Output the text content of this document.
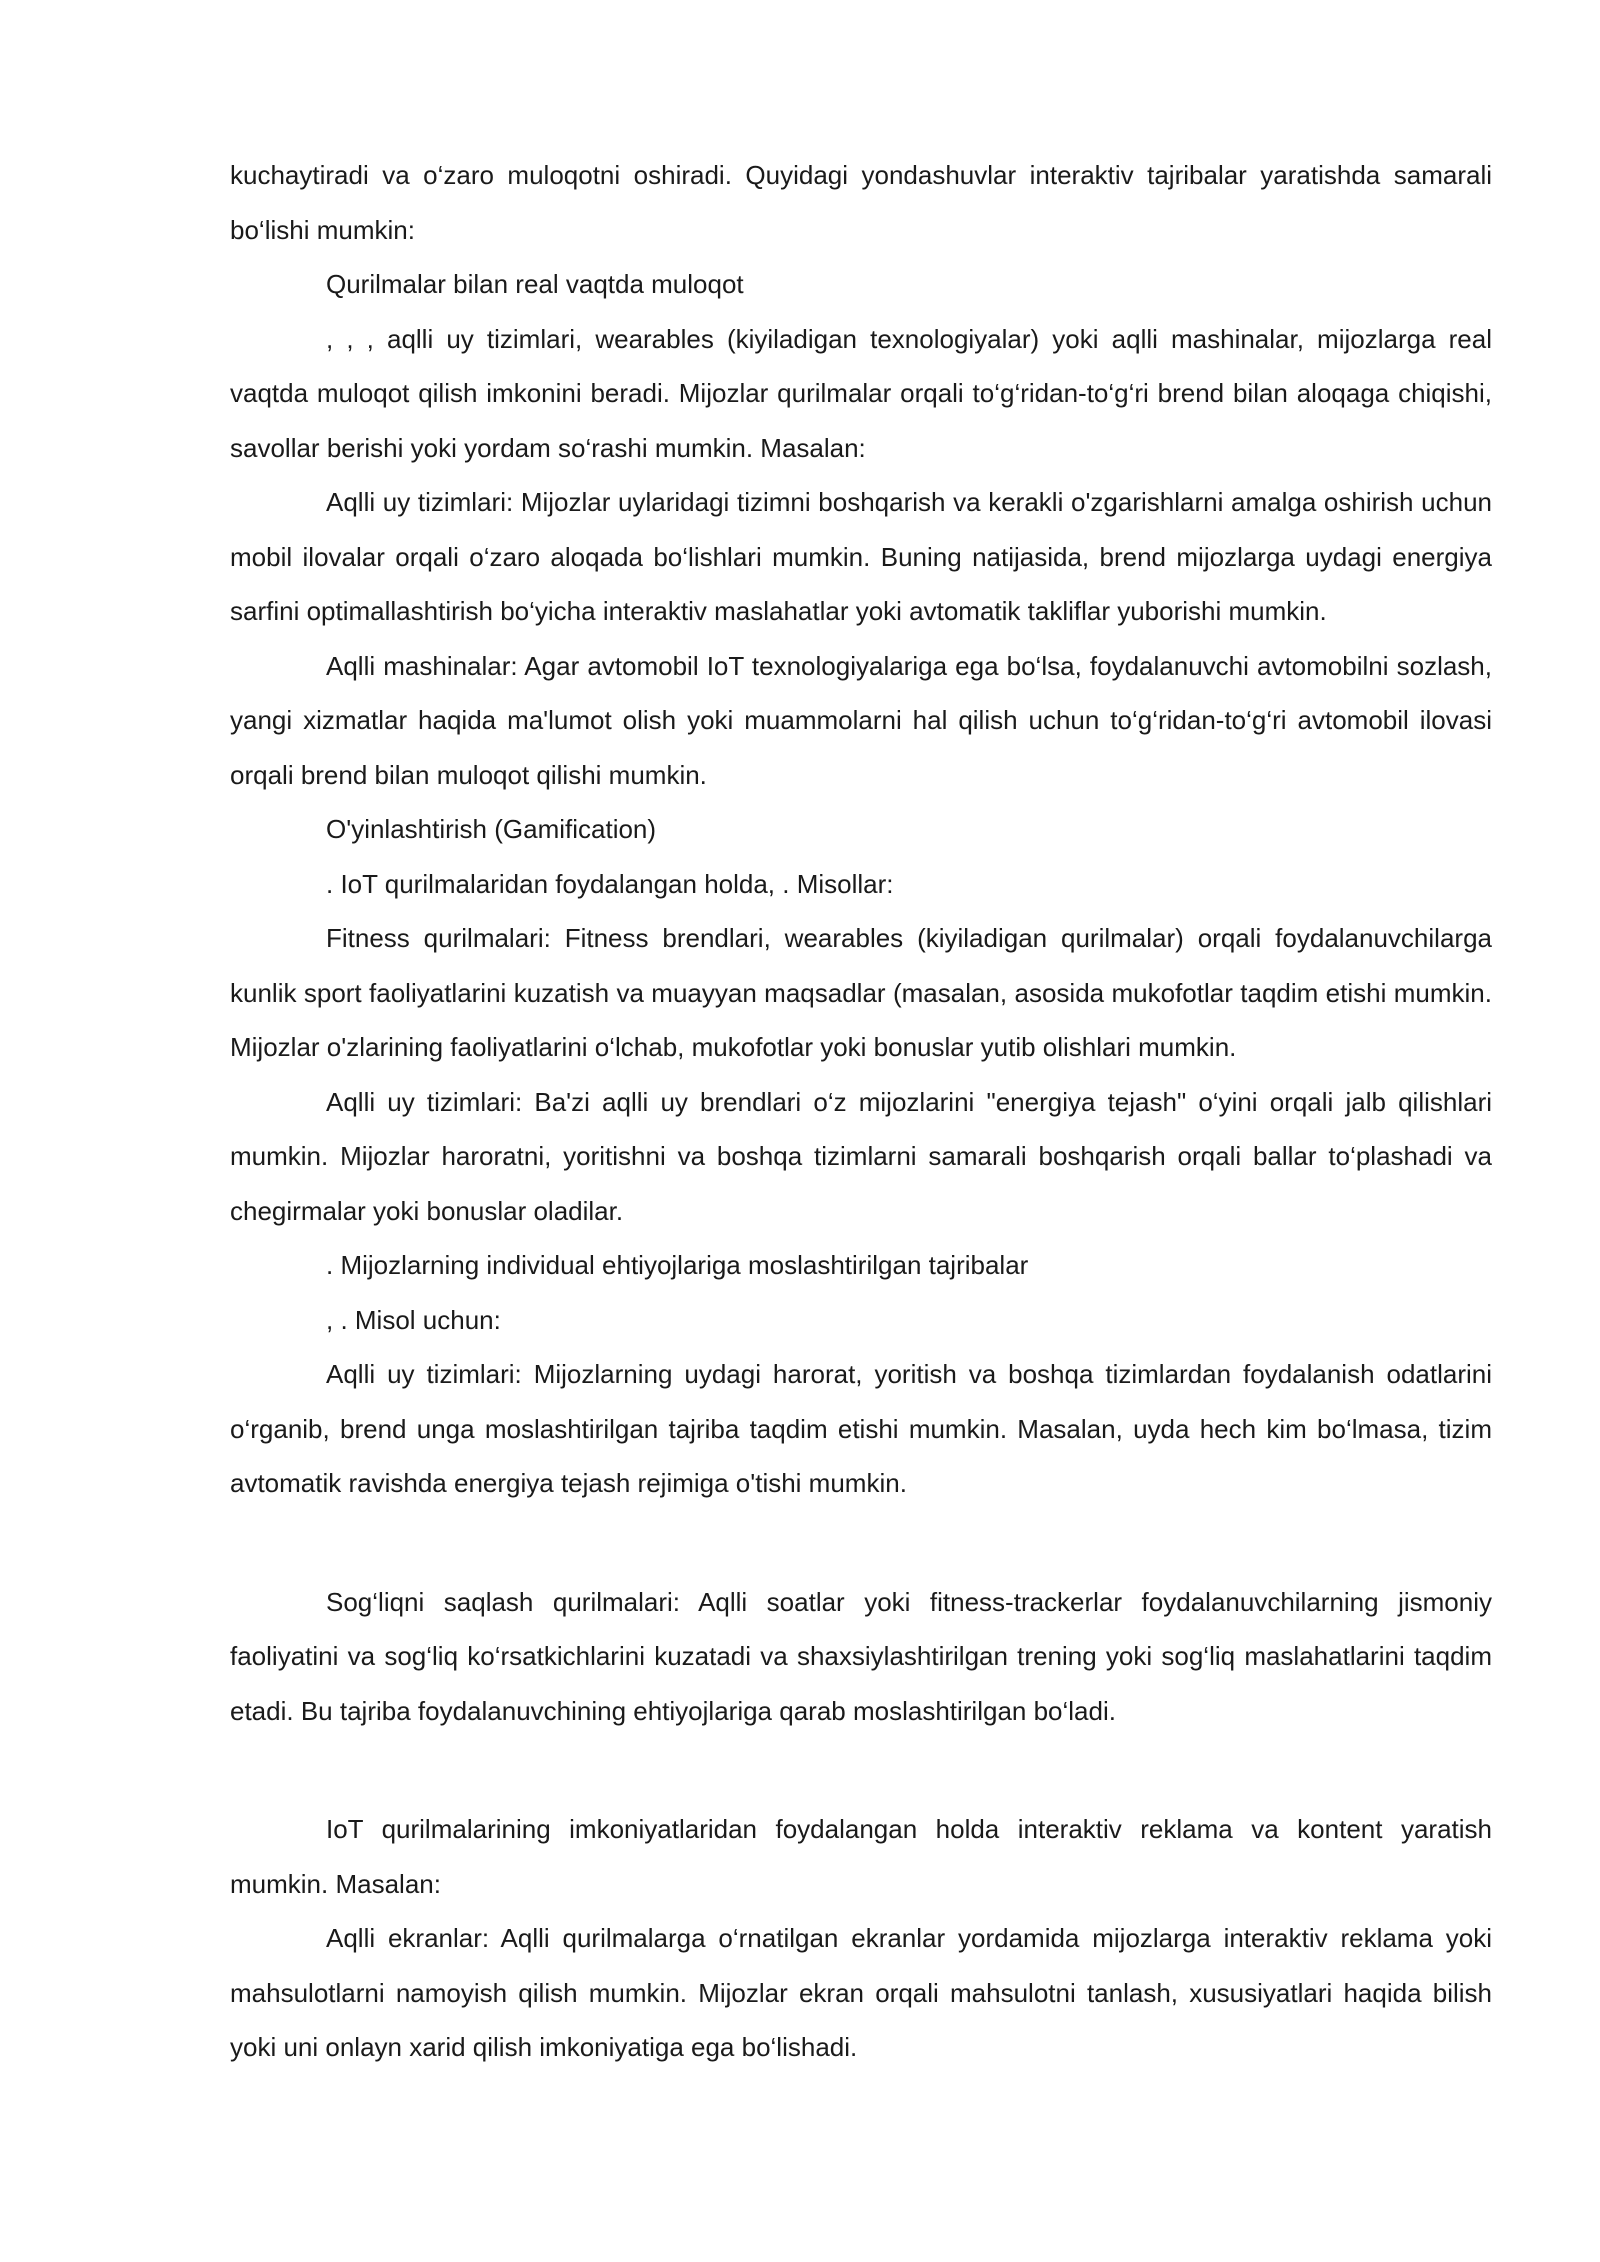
kuchaytiradi va o‘zaro muloqotni oshiradi. Quyidagi yondashuvlar interaktiv tajribalar yaratishda samarali bo‘lishi mumkin:

Qurilmalar bilan real vaqtda muloqot

, , , aqlli uy tizimlari, wearables (kiyiladigan texnologiyalar) yoki aqlli mashinalar, mijozlarga real vaqtda muloqot qilish imkonini beradi. Mijozlar qurilmalar orqali to‘g‘ridan-to‘g‘ri brend bilan aloqaga chiqishi, savollar berishi yoki yordam so‘rashi mumkin. Masalan:

Aqlli uy tizimlari: Mijozlar uylaridagi tizimni boshqarish va kerakli o'zgarishlarni amalga oshirish uchun mobil ilovalar orqali o‘zaro aloqada bo‘lishlari mumkin. Buning natijasida, brend mijozlarga uydagi energiya sarfini optimallashtirish bo‘yicha interaktiv maslahatlar yoki avtomatik takliflar yuborishi mumkin.

Aqlli mashinalar: Agar avtomobil IoT texnologiyalariga ega bo‘lsa, foydalanuvchi avtomobilni sozlash, yangi xizmatlar haqida ma'lumot olish yoki muammolarni hal qilish uchun to‘g‘ridan-to‘g‘ri avtomobil ilovasi orqali brend bilan muloqot qilishi mumkin.

O'yinlashtirish (Gamification)

. IoT qurilmalaridan foydalangan holda, . Misollar:

Fitness qurilmalari: Fitness brendlari, wearables (kiyiladigan qurilmalar) orqali foydalanuvchilarga kunlik sport faoliyatlarini kuzatish va muayyan maqsadlar (masalan, asosida mukofotlar taqdim etishi mumkin. Mijozlar o'zlarining faoliyatlarini o‘lchab, mukofotlar yoki bonuslar yutib olishlari mumkin.

Aqlli uy tizimlari: Ba'zi aqlli uy brendlari o‘z mijozlarini "energiya tejash" o‘yini orqali jalb qilishlari mumkin. Mijozlar haroratni, yoritishni va boshqa tizimlarni samarali boshqarish orqali ballar to‘plashadi va chegirmalar yoki bonuslar oladilar.

. Mijozlarning individual ehtiyojlariga moslashtirilgan tajribalar

, . Misol uchun:

Aqlli uy tizimlari: Mijozlarning uydagi harorat, yoritish va boshqa tizimlardan foydalanish odatlarini o‘rganib, brend unga moslashtirilgan tajriba taqdim etishi mumkin. Masalan, uyda hech kim bo‘lmasa, tizim avtomatik ravishda energiya tejash rejimiga o'tishi mumkin.

Sog‘liqni saqlash qurilmalari: Aqlli soatlar yoki fitness-trackerlar foydalanuvchilarning jismoniy faoliyatini va sog‘liq ko‘rsatkichlarini kuzatadi va shaxsiylashtirilgan trening yoki sog‘liq maslahatlarini taqdim etadi. Bu tajriba foydalanuvchining ehtiyojlariga qarab moslashtirilgan bo‘ladi.

IoT qurilmalarining imkoniyatlaridan foydalangan holda interaktiv reklama va kontent yaratish mumkin. Masalan:

Aqlli ekranlar: Aqlli qurilmalarga o‘rnatilgan ekranlar yordamida mijozlarga interaktiv reklama yoki mahsulotlarni namoyish qilish mumkin. Mijozlar ekran orqali mahsulotni tanlash, xususiyatlari haqida bilish yoki uni onlayn xarid qilish imkoniyatiga ega bo‘lishadi.
